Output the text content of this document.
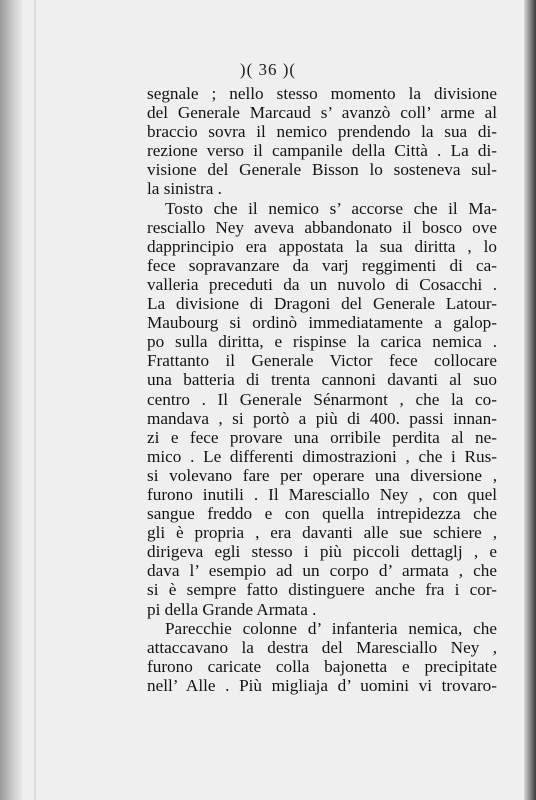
)( 36 )(
segnale ; nello stesso momento la divisione
del Generale Marcaud s’ avanzò coll’ arme al
braccio sovra il nemico prendendo la sua di-
rezione verso il campanile della Città . La di-
visione del Generale Bisson lo sosteneva sul-
la sinistra .
Tosto che il nemico s’ accorse che il Ma-
resciallo Ney aveva abbandonato il bosco ove
dapprincipio era appostata la sua diritta , lo
fece sopravanzare da varj reggimenti di ca-
valleria preceduti da un nuvolo di Cosacchi .
La divisione di Dragoni del Generale Latour-
Maubourg si ordinò immediatamente a galop-
po sulla diritta, e rispinse la carica nemica .
Frattanto il Generale Victor fece collocare
una batteria di trenta cannoni davanti al suo
centro . Il Generale Sénarmont , che la co-
mandava , si portò a più di 400. passi innan-
zi e fece provare una orribile perdita al ne-
mico . Le differenti dimostrazioni , che i Rus-
si volevano fare per operare una diversione ,
furono inutili . Il Maresciallo Ney , con quel
sangue freddo e con quella intrepidezza che
gli è propria , era davanti alle sue schiere ,
dirigeva egli stesso i più piccoli dettaglj , e
dava l’ esempio ad un corpo d’ armata , che
si è sempre fatto distinguere anche fra i cor-
pi della Grande Armata .
Parecchie colonne d’ infanteria nemica, che
attaccavano la destra del Maresciallo Ney ,
furono caricate colla bajonetta e precipitate
nell’ Alle . Più migliaja d’ uomini vi trovaro-
